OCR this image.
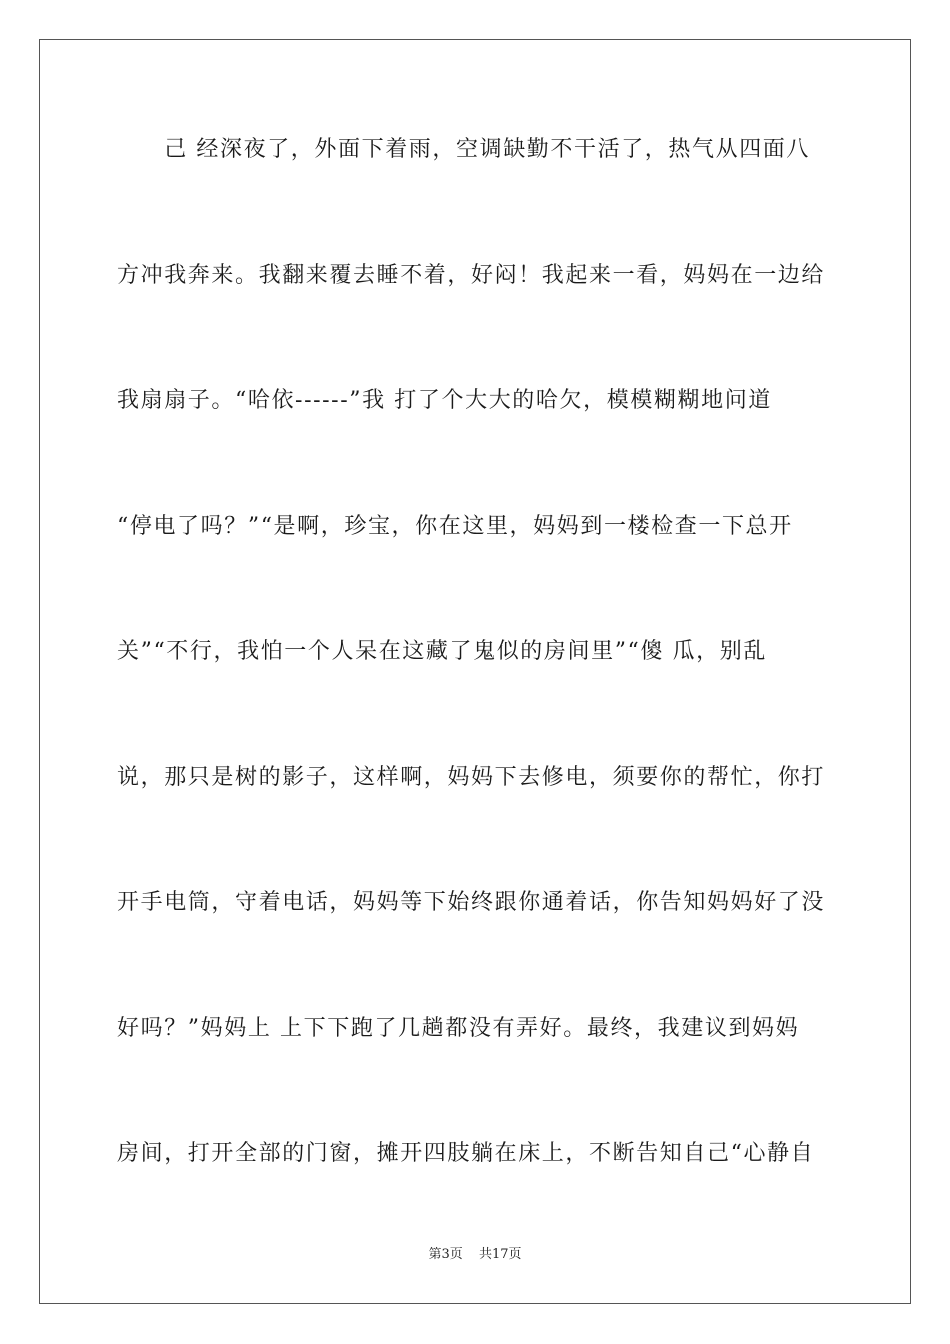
　　己 经深夜了，外面下着雨，空调缺勤不干活了，热气从四面八
方冲我奔来。我翻来覆去睡不着，好闷！我起来一看，妈妈在一边给
我扇扇子。“哈依------”我 打了个大大的哈欠，模模糊糊地问道
“停电了吗？”“是啊，珍宝，你在这里，妈妈到一楼检查一下总开
关”“不行，我怕一个人呆在这藏了鬼似的房间里”“傻 瓜，别乱
说，那只是树的影子，这样啊，妈妈下去修电，须要你的帮忙，你打
开手电筒，守着电话，妈妈等下始终跟你通着话，你告知妈妈好了没
好吗？”妈妈上 上下下跑了几趟都没有弄好。最终，我建议到妈妈
房间，打开全部的门窗，摊开四肢躺在床上，不断告知自己“心静自
第3页 共17页
